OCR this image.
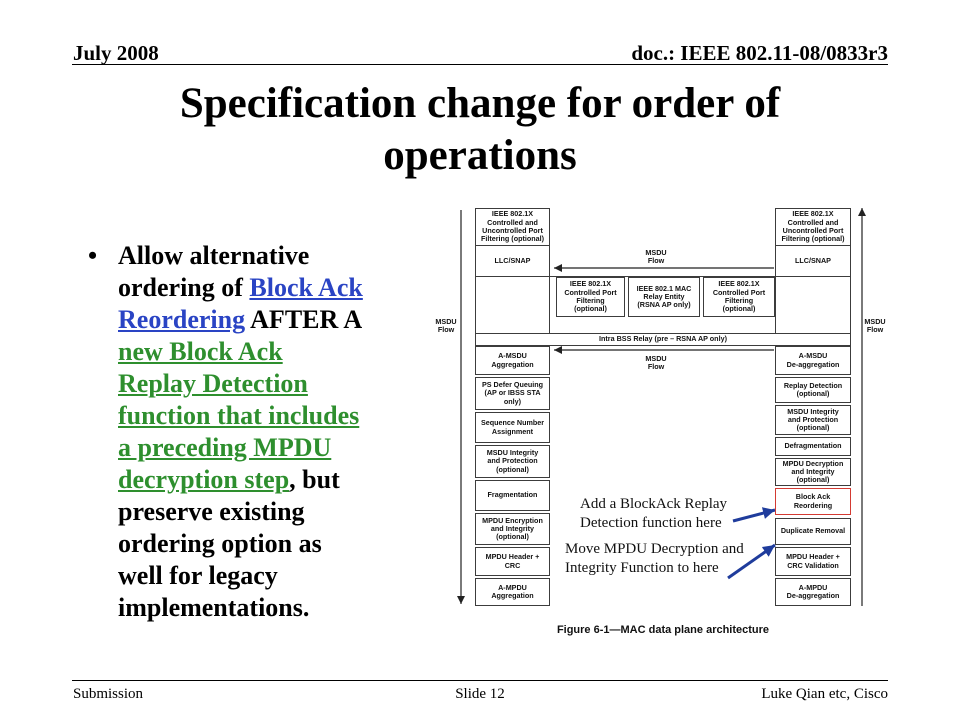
July 2008	doc.: IEEE 802.11-08/0833r3
Specification change for order of
operations
• Allow alternative
ordering of Block Ack
Reordering AFTER A
new Block Ack
Replay Detection
function that includes
a preceding MPDU
decryption step, but
preserve existing
ordering option as
well for legacy
implementations.
IEEE 802.1X
Controlled Port
Filtering
(optional)
IEEE 802.1 MAC
Relay Entity
(RSNA AP only)
IEEE 802.1X
Controlled Port
Filtering
(optional)
Intra BSS Relay (pre – RSNA AP only)
IEEE 802.1X
Controlled and
Uncontrolled Port
Filtering (optional)
LLC/SNAP
A-MSDU
Aggregation
PS Defer Queuing
(AP or IBSS STA
only)
Sequence Number
Assignment
MSDU Integrity
and Protection
(optional)
Fragmentation
MPDU Encryption
and Integrity
(optional)
MPDU Header +
CRC
A-MPDU
Aggregation
IEEE 802.1X
Controlled and
Uncontrolled Port
Filtering (optional)
LLC/SNAP
A-MSDU
De-aggregation
Replay Detection
(optional)
MSDU Integrity
and Protection
(optional)
Defragmentation
MPDU Decryption
and Integrity
(optional)
Block Ack
Reordering
Duplicate Removal
MPDU Header +
CRC Validation
A-MPDU
De-aggregation
MSDU
Flow
MSDU
Flow
MSDU
Flow
MSDU
Flow
Figure 6-1—MAC data plane architecture
Add a BlockAck Replay
Detection function here
Move MPDU Decryption and
Integrity Function to here
Submission	Slide 12	Luke Qian etc, Cisco
